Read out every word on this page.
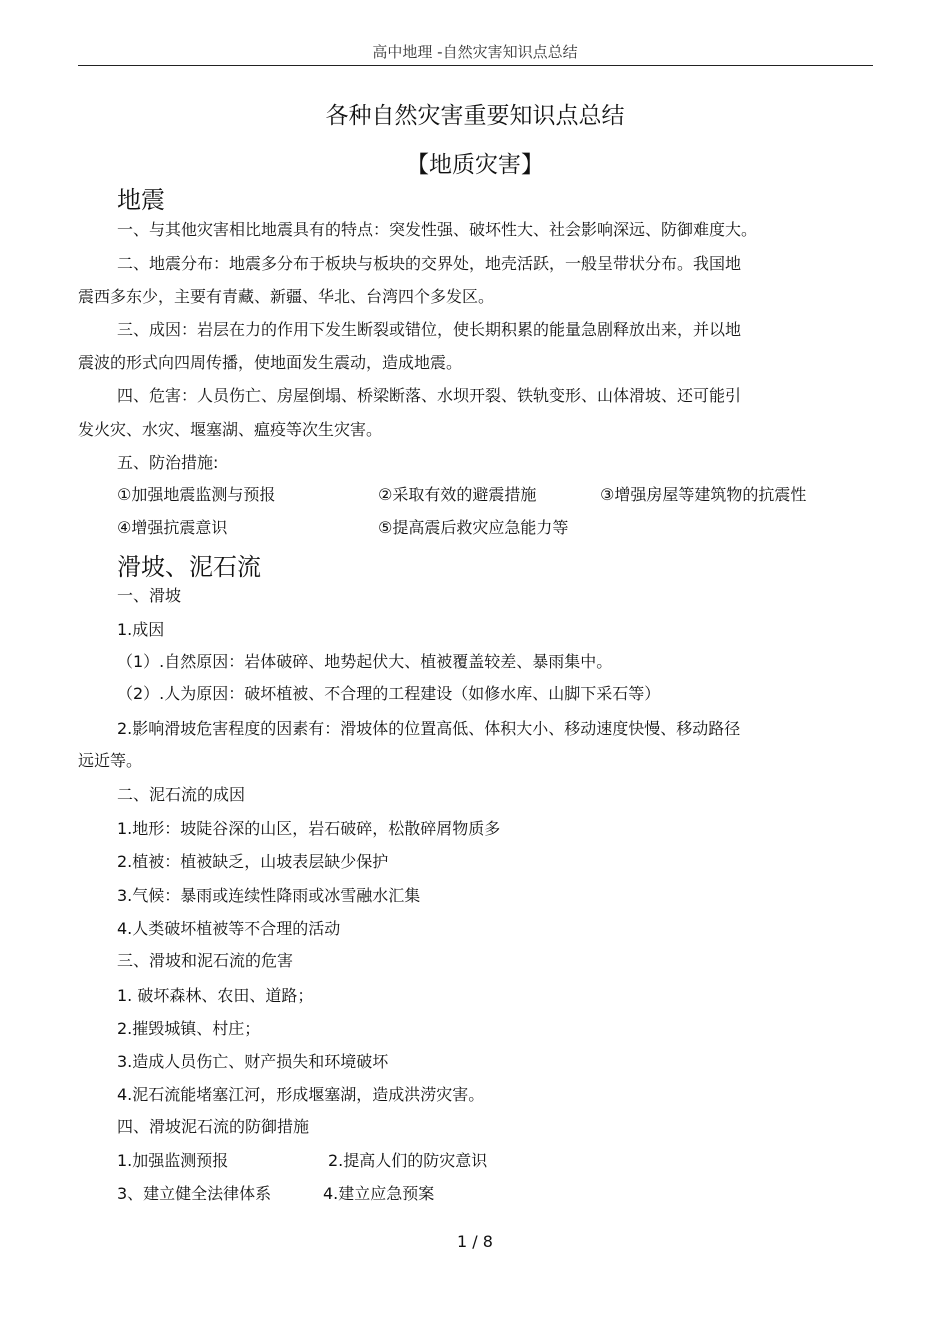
高中地理 -自然灾害知识点总结
各种自然灾害重要知识点总结
【地质灾害】
地震
一、与其他灾害相比地震具有的特点：突发性强、破坏性大、社会影响深远、防御难度大。
二、地震分布：地震多分布于板块与板块的交界处，地壳活跃，一般呈带状分布。我国地
震西多东少，主要有青藏、新疆、华北、台湾四个多发区。
三、成因：岩层在力的作用下发生断裂或错位，使长期积累的能量急剧释放出来，并以地
震波的形式向四周传播，使地面发生震动，造成地震。
四、危害：人员伤亡、房屋倒塌、桥梁断落、水坝开裂、铁轨变形、山体滑坡、还可能引
发火灾、水灾、堰塞湖、瘟疫等次生灾害。
五、防治措施:
①加强地震监测与预报	②采取有效的避震措施	③增强房屋等建筑物的抗震性
④增强抗震意识	⑤提高震后救灾应急能力等
滑坡、泥石流
一、滑坡
1.成因
（1）.自然原因：岩体破碎、地势起伏大、植被覆盖较差、暴雨集中。
（2）.人为原因：破坏植被、不合理的工程建设（如修水库、山脚下采石等）
2.影响滑坡危害程度的因素有：滑坡体的位置高低、体积大小、移动速度快慢、移动路径
远近等。
二、泥石流的成因
1.地形：坡陡谷深的山区，岩石破碎，松散碎屑物质多
2.植被：植被缺乏，山坡表层缺少保护
3.气候：暴雨或连续性降雨或冰雪融水汇集
4.人类破坏植被等不合理的活动
三、滑坡和泥石流的危害
1. 破坏森林、农田、道路；
2.摧毁城镇、村庄；
3.造成人员伤亡、财产损失和环境破坏
4.泥石流能堵塞江河，形成堰塞湖，造成洪涝灾害。
四、滑坡泥石流的防御措施
1.加强监测预报	2.提高人们的防灾意识
3、建立健全法律体系	4.建立应急预案
1 / 8
